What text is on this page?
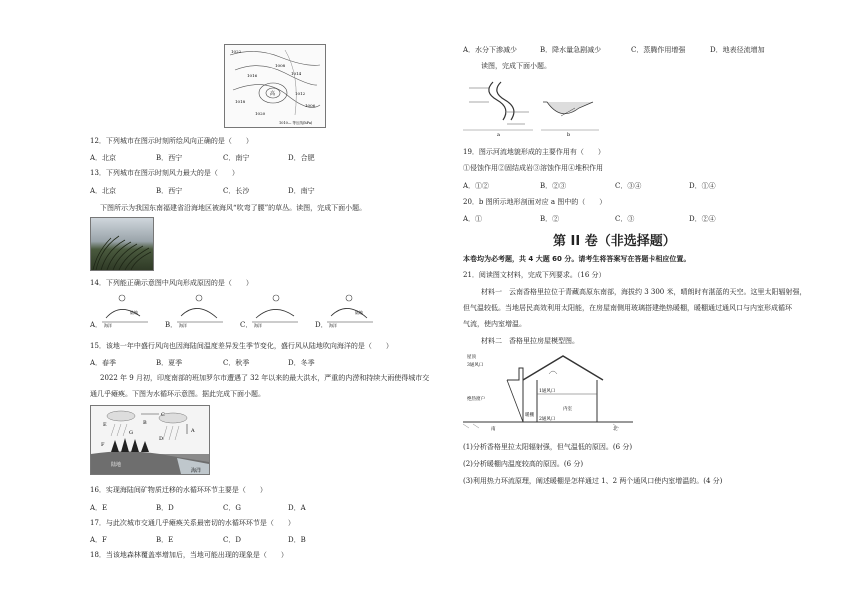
1022
1008
1016	1014
1018
1012
1020
1006
高
1010— 等压线(hPa)
12．下列城市在图示时刻所绘风向正确的是（　　）
A．北京	B．西宁	C．南宁	D．合肥
13．下列城市在图示时刻风力最大的是（　　）
A．北京	B．西宁	C．长沙	D．南宁
下图所示为我国东南福建省沿海地区被海风“吹弯了腰”的草丛。读图，完成下面小题。
14．下列能正确示意图中风向形成原因的是（　　）
A．	B．	C．	D．
陆地
海洋	海洋	海洋
陆地
海洋
15．该地一年中盛行风向也因海陆间温度差异发生季节变化，盛行风从陆地吹向海洋的是（　　）
A．春季	B．夏季	C．秋季	D．冬季
2022 年 9 月初，印度南部的班加罗尔市遭遇了 32 年以来的最大洪水，严重的内涝和持续大雨使得城市交
通几乎瘫痪。下图为水循环示意图。据此完成下面小题。
C
B
E
G
F
A
D
陆地
海洋
16．实现海陆间矿物质迁移的水循环环节主要是（　　）
A．E	B．D	C．G	D．A
17．与此次城市交通几乎瘫痪关系最密切的水循环环节是（　　）
A．F	B．E	C．D	D．B
18．当该地森林覆盖率增加后，当地可能出现的现象是（　　）
A．水分下渗减少	B．降水量急剧减少	C．蒸腾作用增强	D．地表径流增加
读图，完成下面小题。
a	b
19．图示河流地貌形成的主要作用有（　　）
①侵蚀作用②固结成岩③溶蚀作用④堆积作用
A．①②	B．②③	C．③④	D．①④
20．b 图所示地形剖面对应 a 图中的（　　）
A．①	B．②	C．③	D．②④
第 II 卷（非选择题）
本卷均为必考题，共 4 大题 60 分。请考生将答案写在答题卡相应位置。
21．阅读图文材料，完成下列要求。（16 分）
材料一　云南香格里拉位于青藏高原东南部，海拔约 3 300 米，晴朗时有湛蓝的天空。这里太阳辐射强，
但气温较低。当地居民高效利用太阳能，在房屋南侧用玻璃搭建绝热暖棚，暖棚通过通风口与内室形成循环
气流，使内室增温。
材料二　香格里拉房屋模型图。
屋顶
3通风口
1通风口
绝热窗户
内室
暖棚
2通风口
南	北
(1)分析香格里拉太阳辐射强，但气温低的原因。(6 分)
(2)分析暖棚内温度较高的原因。(6 分)
(3)利用热力环流原理，阐述暖棚是怎样通过 1、2 两个通风口使内室增温的。(4 分)
